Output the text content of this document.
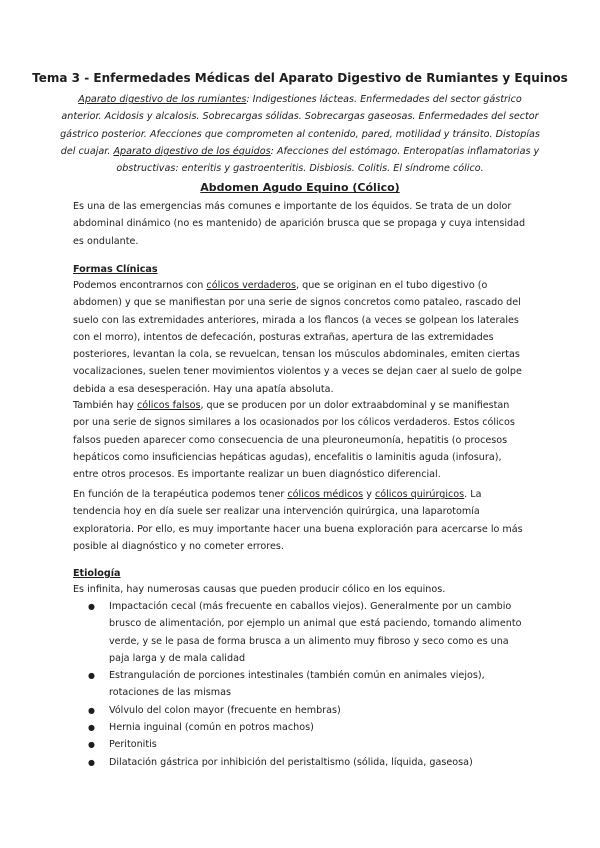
Tema 3 - Enfermedades Médicas del Aparato Digestivo de Rumiantes y Equinos
Aparato digestivo de los rumiantes: Indigestiones lácteas. Enfermedades del sector gástrico anterior. Acidosis y alcalosis. Sobrecargas sólidas. Sobrecargas gaseosas. Enfermedades del sector gástrico posterior. Afecciones que comprometen al contenido, pared, motilidad y tránsito. Distopías del cuajar. Aparato digestivo de los équidos: Afecciones del estómago. Enteropatías inflamatorias y obstructivas: enteritis y gastroenteritis. Disbiosis. Colitis. El síndrome cólico.
Abdomen Agudo Equino (Cólico)

Es una de las emergencias más comunes e importante de los équidos. Se trata de un dolor abdominal dinámico (no es mantenido) de aparición brusca que se propaga y cuya intensidad es ondulante.

Formas Clínicas

Podemos encontrarnos con cólicos verdaderos, que se originan en el tubo digestivo (o abdomen) y que se manifiestan por una serie de signos concretos como pataleo, rascado del suelo con las extremidades anteriores, mirada a los flancos (a veces se golpean los laterales con el morro), intentos de defecación, posturas extrañas, apertura de las extremidades posteriores, levantan la cola, se revuelcan, tensan los músculos abdominales, emiten ciertas vocalizaciones, suelen tener movimientos violentos y a veces se dejan caer al suelo de golpe debida a esa desesperación. Hay una apatía absoluta.

También hay cólicos falsos, que se producen por un dolor extraabdominal y se manifiestan por una serie de signos similares a los ocasionados por los cólicos verdaderos. Estos cólicos falsos pueden aparecer como consecuencia de una pleuroneumonía, hepatitis (o procesos hepáticos como insuficiencias hepáticas agudas), encefalitis o laminitis aguda (infosura), entre otros procesos. Es importante realizar un buen diagnóstico diferencial.

En función de la terapéutica podemos tener cólicos médicos y cólicos quirúrgicos. La tendencia hoy en día suele ser realizar una intervención quirúrgica, una laparotomía exploratoria. Por ello, es muy importante hacer una buena exploración para acercarse lo más posible al diagnóstico y no cometer errores.

Etiología

Es infinita, hay numerosas causas que pueden producir cólico en los equinos.

● Impactación cecal (más frecuente en caballos viejos). Generalmente por un cambio brusco de alimentación, por ejemplo un animal que está paciendo, tomando alimento verde, y se le pasa de forma brusca a un alimento muy fibroso y seco como es una paja larga y de mala calidad
● Estrangulación de porciones intestinales (también común en animales viejos), rotaciones de las mismas
● Vólvulo del colon mayor (frecuente en hembras)
● Hernia inguinal (común en potros machos)
● Peritonitis
● Dilatación gástrica por inhibición del peristaltismo (sólida, líquida, gaseosa)
